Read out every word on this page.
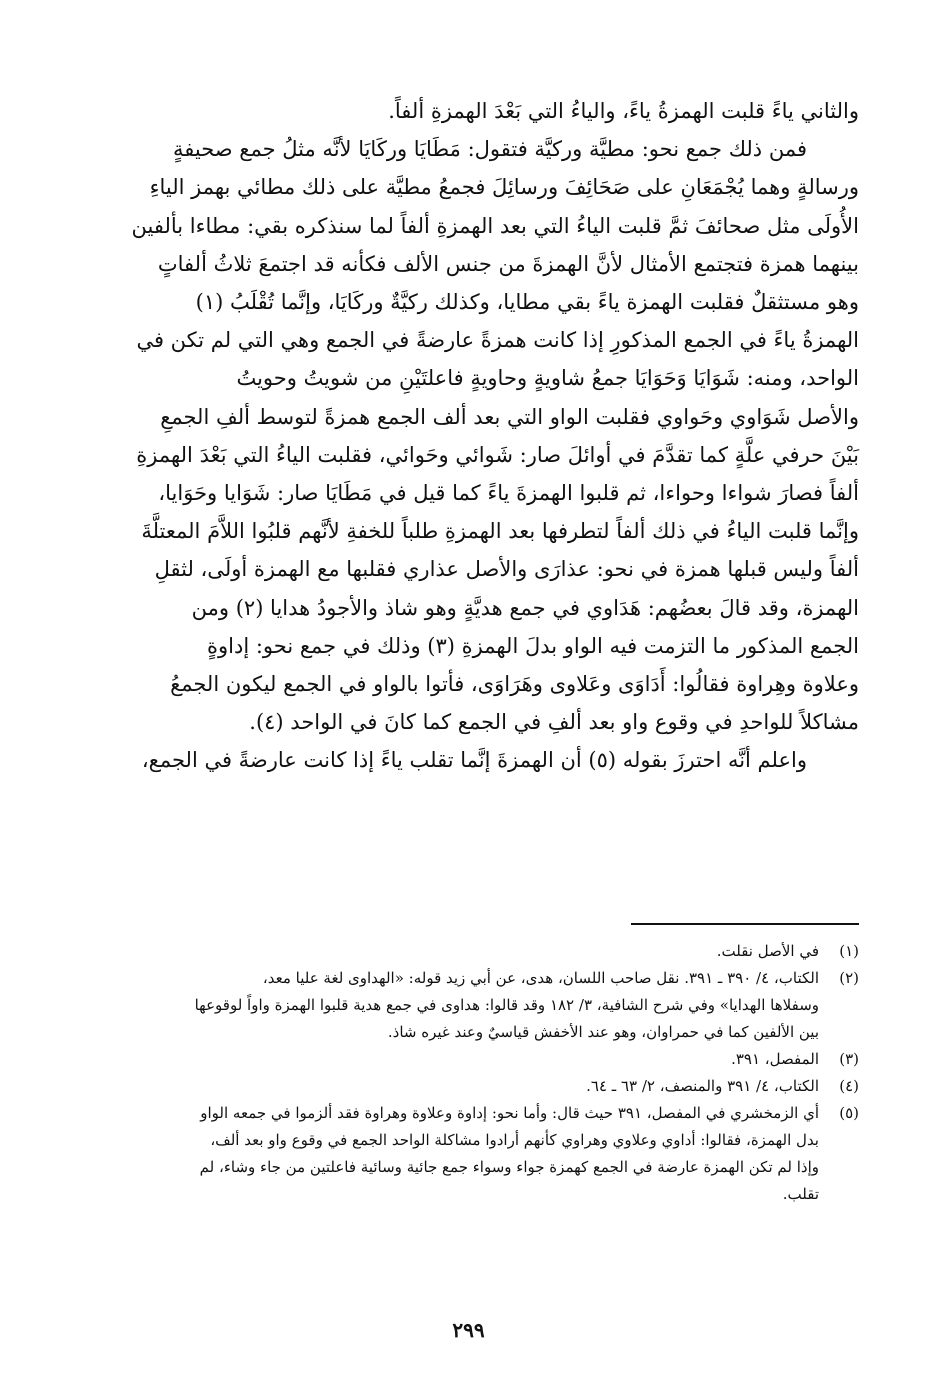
والثاني ياءً قلبت الهمزةُ ياءً، والياءُ التي بَعْدَ الهمزةِ ألفاً.

فمن ذلك جمع نحو: مطيَّة وركيَّة فتقول: مَطَايَا وركَايَا لأنَّه مثلُ جمع صحيفةٍ

ورسالةٍ وهما يُجْمَعَانِ على صَحَائِفَ ورسائِلَ فجمعُ مطيَّة على ذلك مطائي بهمز الياءِ

الأُولَى مثل صحائفَ ثمَّ قلبت الياءُ التي بعد الهمزةِ ألفاً لما سنذكره بقي: مطاءا بألفين

بينهما همزة فتجتمع الأمثال لأنَّ الهمزةَ من جنس الألف فكأنه قد اجتمعَ ثلاثُ ألفاتٍ

وهو مستثقلٌ فقلبت الهمزة ياءً بقي مطايا، وكذلك ركيَّةٌ وركَايَا، وإنَّما تُقْلَبُ (١)

الهمزةُ ياءً في الجمع المذكورِ إذا كانت همزةً عارضةً في الجمع وهي التي لم تكن في

الواحد، ومنه: شَوَايَا وَحَوَايَا جمعُ شاويةٍ وحاويةٍ فاعلتَيْنِ من شويتُ وحويتُ

والأصل شَوَاوي وحَواوي فقلبت الواو التي بعد ألف الجمع همزةً لتوسط ألفِ الجمعِ

بَيْنَ حرفي علَّةٍ كما تقدَّمَ في أوائلَ صار: شَوائي وحَوائي، فقلبت الياءُ التي بَعْدَ الهمزةِ

ألفاً فصارَ شواءا وحواءا، ثم قلبوا الهمزةَ ياءً كما قيل في مَطَايَا صار: شَوَايا وحَوَايا،

وإنَّما قلبت الياءُ في ذلك ألفاً لتطرفها بعد الهمزةِ طلباً للخفةِ لأنَّهم قلبُوا اللاَّمَ المعتلَّةَ

ألفاً وليس قبلها همزة في نحو: عذارَى والأصل عذاري فقلبها مع الهمزة أولَى، لثقلِ

الهمزة، وقد قالَ بعضُهم: هَدَاوي في جمع هديَّةٍ وهو شاذ والأجودُ هدايا (٢) ومن

الجمع المذكور ما التزمت فيه الواو بدلَ الهمزةِ (٣) وذلك في جمع نحو: إداوةٍ

وعلاوة وهِراوة فقالُوا: أَدَاوَى وعَلاوى وهَرَاوَى، فأتوا بالواو في الجمع ليكون الجمعُ

مشاكلاً للواحدِ في وقوع واو بعد ألفِ في الجمع كما كانَ في الواحد (٤).

واعلم أنَّه احترزَ بقوله (٥) أن الهمزةَ إنَّما تقلب ياءً إذا كانت عارضةً في الجمع،

(١)
في الأصل نقلت.
(٢)
الكتاب، ٤/ ٣٩٠ ـ ٣٩١. نقل صاحب اللسان، هدى، عن أبي زيد قوله: «الهداوى لغة عليا معد،
وسفلاها الهدايا» وفي شرح الشافية، ٣/ ١٨٢ وقد قالوا: هداوى في جمع هدية قلبوا الهمزة واواً لوقوعها
بين الألفين كما في حمراوان، وهو عند الأخفش قياسيٌ وعند غيره شاذ.
(٣)
المفصل، ٣٩١.
(٤)
الكتاب، ٤/ ٣٩١ والمنصف، ٢/ ٦٣ ـ ٦٤.
(٥)
أي الزمخشري في المفصل، ٣٩١ حيث قال: وأما نحو: إداوة وعلاوة وهراوة فقد ألزموا في جمعه الواو
بدل الهمزة، فقالوا: أداوي وعلاوي وهراوي كأنهم أرادوا مشاكلة الواحد الجمع في وقوع واو بعد ألف،
وإذا لم تكن الهمزة عارضة في الجمع كهمزة جواء وسواء جمع جائية وسائية فاعلتين من جاء وشاء، لم
تقلب.
٢٩٩
